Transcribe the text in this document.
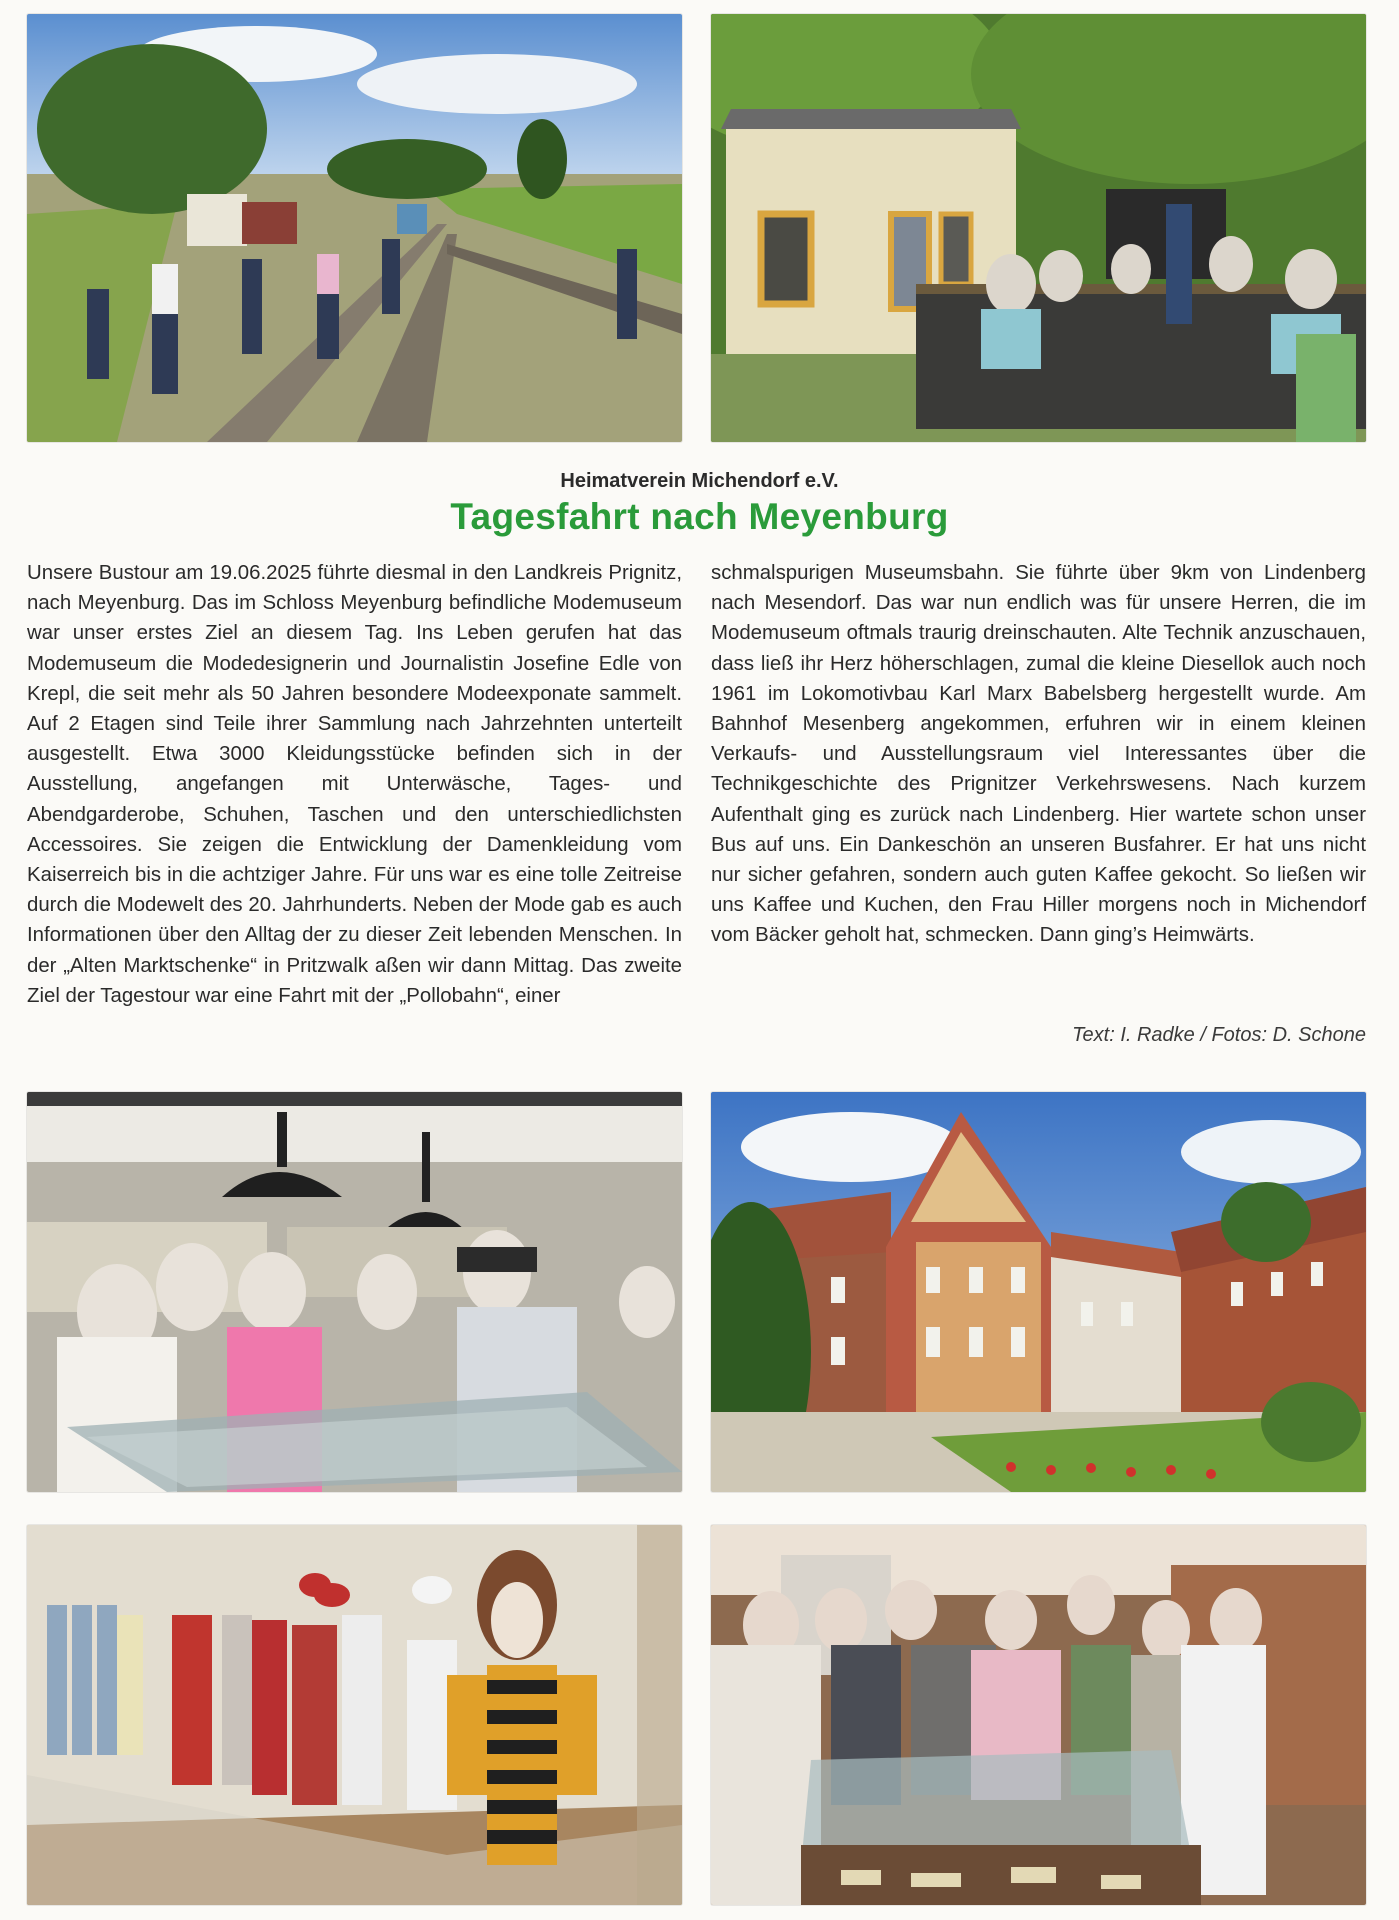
Heimatverein Michendorf e.V.
Tagesfahrt nach Meyenburg

Unsere Bustour am 19.06.2025 führte diesmal in den Landkreis Prignitz, nach Meyenburg. Das im Schloss Meyenburg befindliche Modemuseum war unser erstes Ziel an diesem Tag. Ins Leben gerufen hat das Modemuseum die Modedesignerin und Journalistin Josefine Edle von Krepl, die seit mehr als 50 Jahren besondere Modeexponate sammelt. Auf 2 Etagen sind Teile ihrer Sammlung nach Jahrzehnten unterteilt ausgestellt. Etwa 3000 Kleidungsstücke befinden sich in der Ausstellung, angefangen mit Unterwäsche, Tages- und Abendgarderobe, Schuhen, Taschen und den unterschiedlichsten Accessoires. Sie zeigen die Entwicklung der Damenkleidung vom Kaiserreich bis in die achtziger Jahre. Für uns war es eine tolle Zeitreise durch die Modewelt des 20. Jahrhunderts. Neben der Mode gab es auch Informationen über den Alltag der zu dieser Zeit lebenden Menschen. In der „Alten Marktschenke“ in Pritzwalk aßen wir dann Mittag. Das zweite Ziel der Tagestour war eine Fahrt mit der „Pollobahn“, einer

schmalspurigen Museumsbahn. Sie führte über 9km von Lindenberg nach Mesendorf. Das war nun endlich was für unsere Herren, die im Modemuseum oftmals traurig dreinschauten. Alte Technik anzuschauen, dass ließ ihr Herz höherschlagen, zumal die kleine Diesellok auch noch 1961 im Lokomotivbau Karl Marx Babelsberg hergestellt wurde. Am Bahnhof Mesenberg angekommen, erfuhren wir in einem kleinen Verkaufs- und Ausstellungsraum viel Interessantes über die Technikgeschichte des Prignitzer Verkehrswesens. Nach kurzem Aufenthalt ging es zurück nach Lindenberg. Hier wartete schon unser Bus auf uns. Ein Dankeschön an unseren Busfahrer. Er hat uns nicht nur sicher gefahren, sondern auch guten Kaffee gekocht. So ließen wir uns Kaffee und Kuchen, den Frau Hiller morgens noch in Michendorf vom Bäcker geholt hat, schmecken. Dann ging’s Heimwärts.

Text: I. Radke / Fotos: D. Schone
